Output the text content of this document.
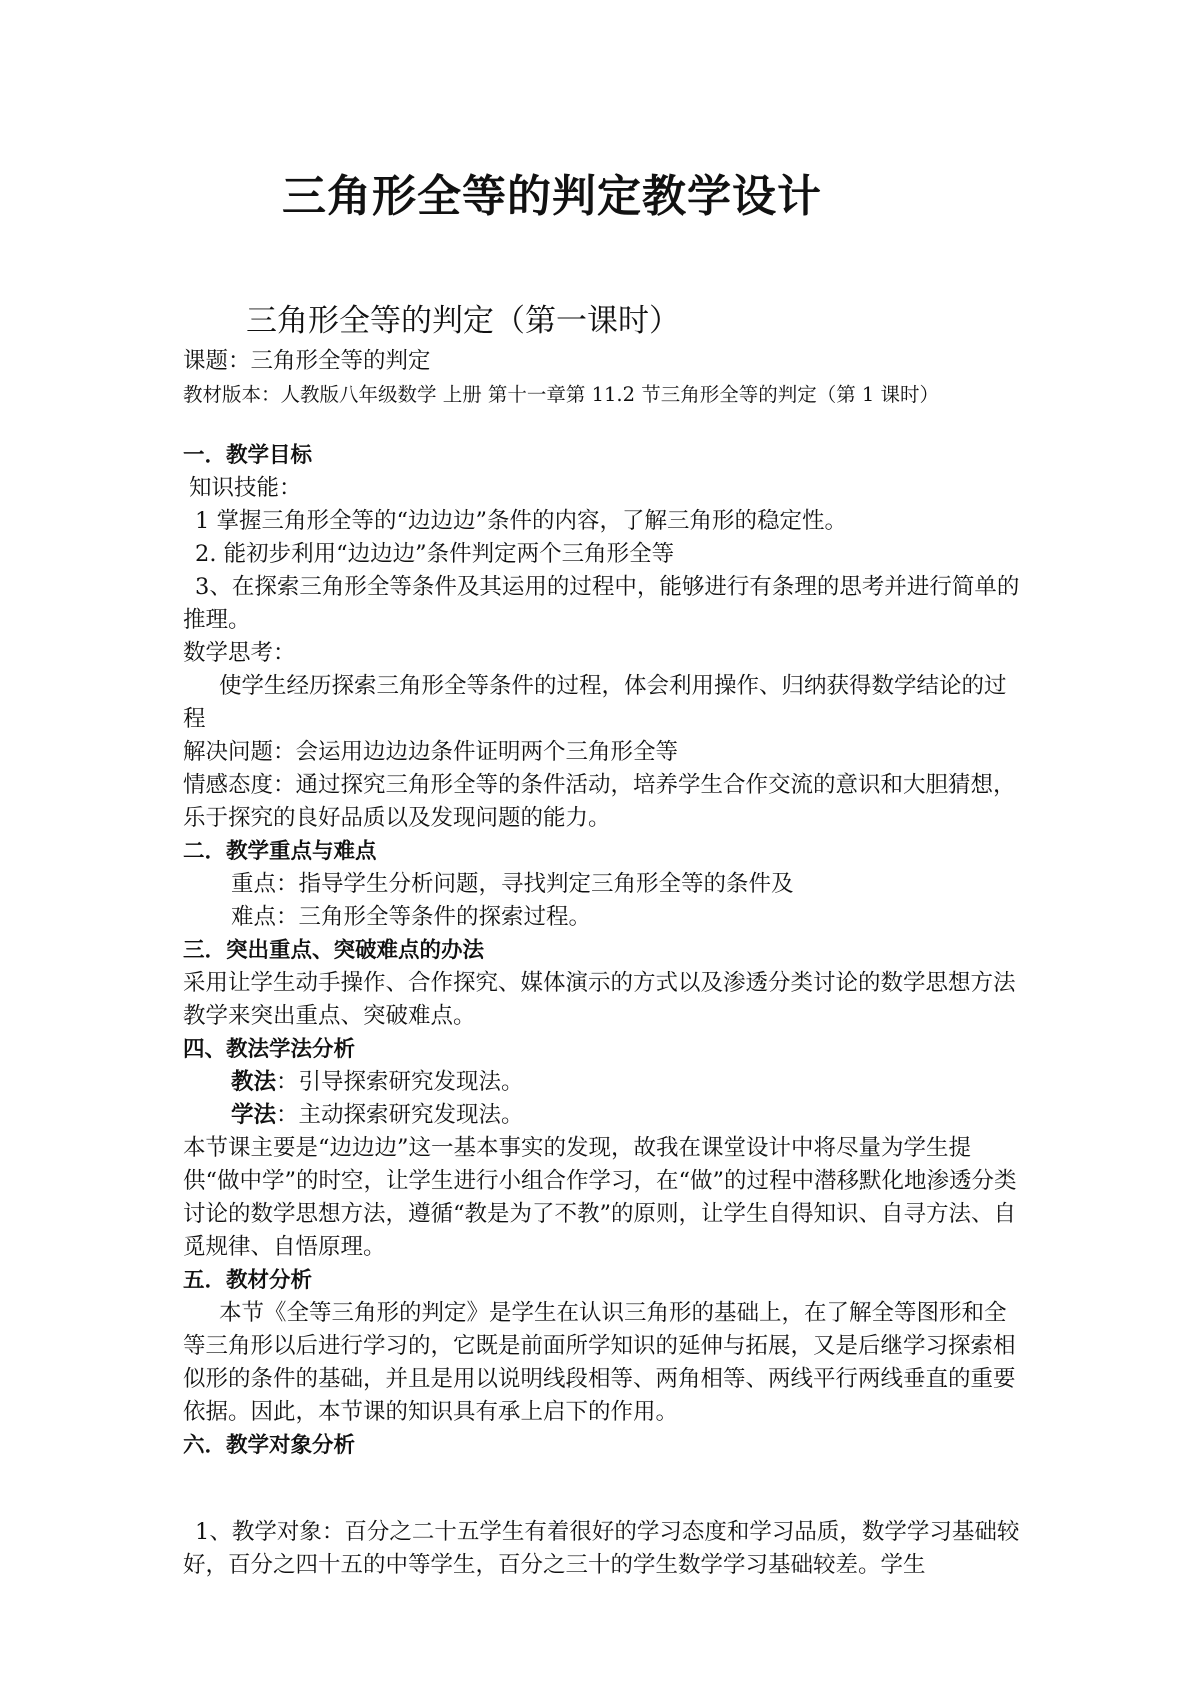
三角形全等的判定教学设计
三角形全等的判定（第一课时）

课题：三角形全等的判定

教材版本：人教版八年级数学 上册 第十一章第 11.2 节三角形全等的判定（第 1 课时）

一．教学目标

知识技能：

1 掌握三角形全等的“边边边”条件的内容，了解三角形的稳定性。

2. 能初步利用“边边边”条件判定两个三角形全等

3、在探索三角形全等条件及其运用的过程中，能够进行有条理的思考并进行简单的推理。

数学思考：

使学生经历探索三角形全等条件的过程，体会利用操作、归纳获得数学结论的过程

解决问题：会运用边边边条件证明两个三角形全等

情感态度：通过探究三角形全等的条件活动，培养学生合作交流的意识和大胆猜想，乐于探究的良好品质以及发现问题的能力。

二．教学重点与难点

重点：指导学生分析问题，寻找判定三角形全等的条件及

难点：三角形全等条件的探索过程。

三．突出重点、突破难点的办法

采用让学生动手操作、合作探究、媒体演示的方式以及渗透分类讨论的数学思想方法教学来突出重点、突破难点。

四、教法学法分析

教法：引导探索研究发现法。

学法：主动探索研究发现法。

本节课主要是“边边边”这一基本事实的发现，故我在课堂设计中将尽量为学生提供“做中学”的时空，让学生进行小组合作学习，在“做”的过程中潜移默化地渗透分类讨论的数学思想方法，遵循“教是为了不教”的原则，让学生自得知识、自寻方法、自觅规律、自悟原理。

五．教材分析

本节《全等三角形的判定》是学生在认识三角形的基础上，在了解全等图形和全等三角形以后进行学习的，它既是前面所学知识的延伸与拓展，又是后继学习探索相似形的条件的基础，并且是用以说明线段相等、两角相等、两线平行两线垂直的重要依据。因此，本节课的知识具有承上启下的作用。

六．教学对象分析

1、教学对象：百分之二十五学生有着很好的学习态度和学习品质，数学学习基础较好，百分之四十五的中等学生，百分之三十的学生数学学习基础较差。学生
